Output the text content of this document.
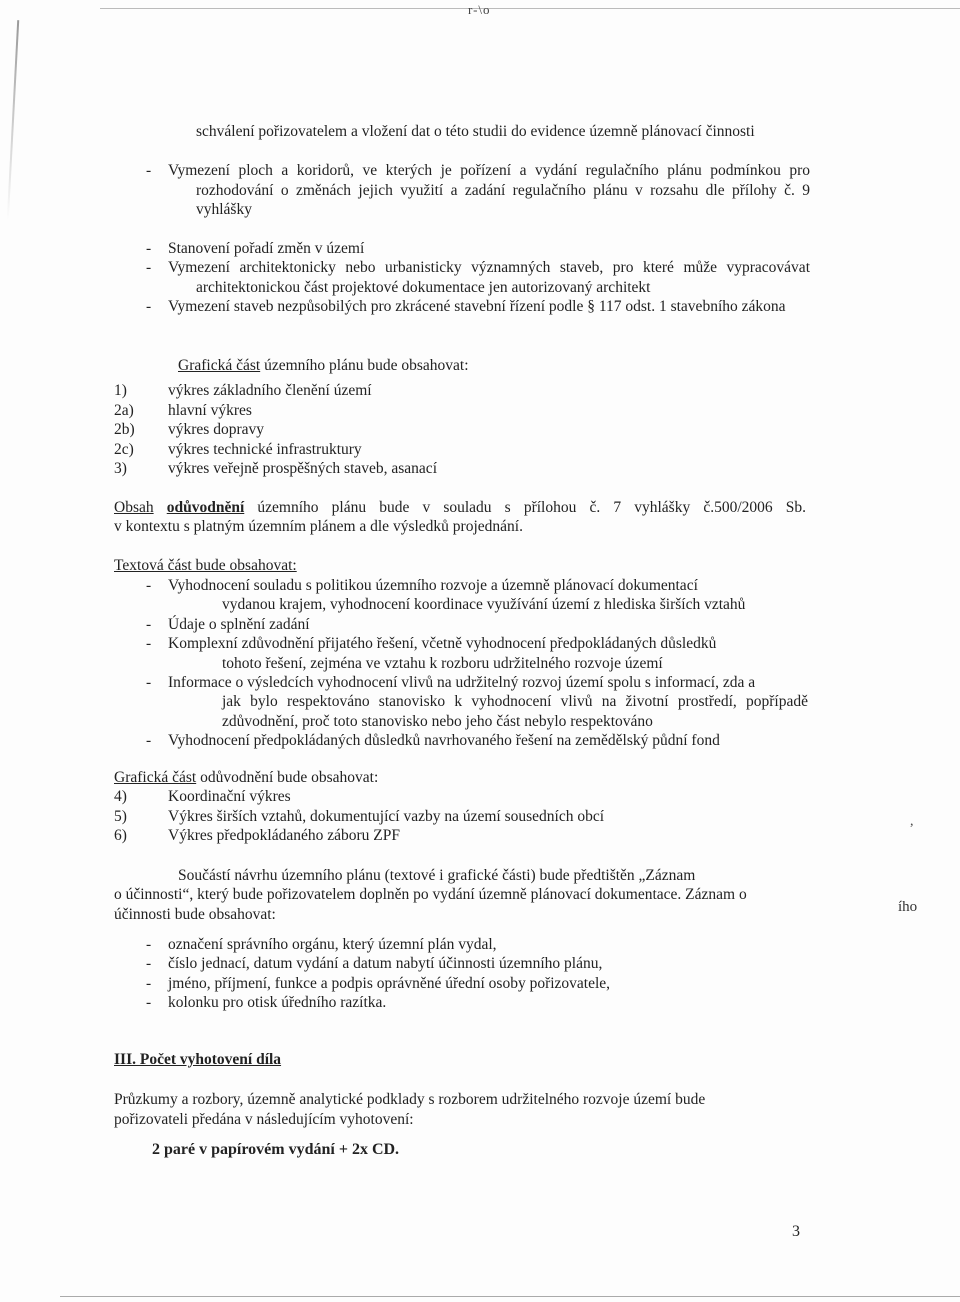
r-\o
,
ího
schválení pořizovatelem a vložení dat o této studii do evidence územně plánovací činnosti
- Vymezení ploch a koridorů, ve kterých je pořízení a vydání regulačního plánu podmínkou pro rozhodování o změnách jejich využití a zadání regulačního plánu v rozsahu dle přílohy č. 9 vyhlášky
- Stanovení pořadí změn v území
- Vymezení architektonicky nebo urbanisticky významných staveb, pro které může vypracovávat architektonickou část projektové dokumentace jen autorizovaný architekt
- Vymezení staveb nezpůsobilých pro zkrácené stavební řízení podle § 117 odst. 1 stavebního zákona
Grafická část územního plánu bude obsahovat:
1)	výkres základního členění území
2a) hlavní výkres
2b) výkres dopravy
2c) výkres technické infrastruktury
3)	výkres veřejně prospěšných staveb, asanací
Obsah odůvodnění územního plánu bude v souladu s přílohou č. 7 vyhlášky č.500/2006 Sb.
v kontextu s platným územním plánem a dle výsledků projednání.
Textová část bude obsahovat:
- Vyhodnocení souladu s politikou územního rozvoje a územně plánovací dokumentací
vydanou krajem, vyhodnocení koordinace využívání území z hlediska širších vztahů
- Údaje o splnění zadání
- Komplexní zdůvodnění přijatého řešení, včetně vyhodnocení předpokládaných důsledků
tohoto řešení, zejména ve vztahu k rozboru udržitelného rozvoje území
- Informace o výsledcích vyhodnocení vlivů na udržitelný rozvoj území spolu s informací, zda a
jak bylo respektováno stanovisko k vyhodnocení vlivů na životní prostředí, popřípadě zdůvodnění, proč toto stanovisko nebo jeho část nebylo respektováno
- Vyhodnocení předpokládaných důsledků navrhovaného řešení na zemědělský půdní fond
Grafická část odůvodnění bude obsahovat:
4)	Koordinační výkres
5)	Výkres širších vztahů, dokumentující vazby na území sousedních obcí
6)	Výkres předpokládaného záboru ZPF
Součástí návrhu územního plánu (textové i grafické části) bude předtištěn „Záznam
o účinnosti“, který bude pořizovatelem doplněn po vydání územně plánovací dokumentace. Záznam o
účinnosti bude obsahovat:
- označení správního orgánu, který územní plán vydal,
- číslo jednací, datum vydání a datum nabytí účinnosti územního plánu,
- jméno, příjmení, funkce a podpis oprávněné úřední osoby pořizovatele,
- kolonku pro otisk úředního razítka.
III. Počet vyhotovení díla
Průzkumy a rozbory, územně analytické podklady s rozborem udržitelného rozvoje území bude
pořizovateli předána v následujícím vyhotovení:
2 paré v papírovém vydání + 2x CD.
3
